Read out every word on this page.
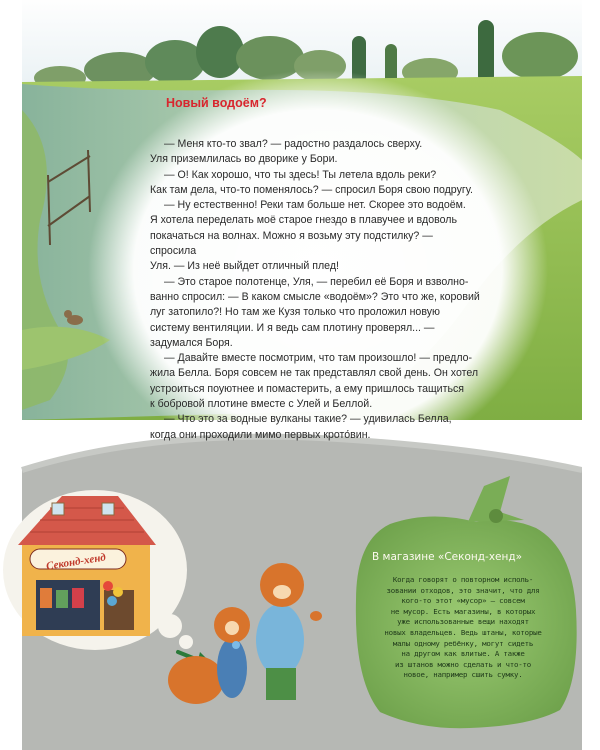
Новый водоём?

— Меня кто-то звал? — радостно раздалось сверху.

Уля приземлилась во дворике у Бори.

— О! Как хорошо, что ты здесь! Ты летела вдоль реки?

Как там дела, что-то поменялось? — спросил Боря свою подругу.

— Ну естественно! Реки там больше нет. Скорее это водоём.

Я хотела переделать моё старое гнездо в плавучее и вдоволь

покачаться на волнах. Можно я возьму эту подстилку? — спросила

Уля. — Из неё выйдет отличный плед!

— Это старое полотенце, Уля, — перебил её Боря и взволно-

ванно спросил: — В каком смысле «водоём»? Это что же, коровий

луг затопило?! Но там же Кузя только что проложил новую

систему вентиляции. И я ведь сам плотину проверял... —

задумался Боря.

— Давайте вместе посмотрим, что там произошло! — предло-

жила Белла. Боря совсем не так представлял свой день. Он хотел

устроиться поуютнее и помастерить, а ему пришлось тащиться

к бобровой плотине вместе с Улей и Беллой.

— Что это за водные вулканы такие? — удивилась Белла,

когда они проходили мимо первых крото́вин.

Секонд-хенд	В магазине «Секонд-хенд»

Когда говорят о повторном исполь-

зовании отходов, это значит, что для

кого-то этот «мусор» — совсем

не мусор. Есть магазины, в которых

уже использованные вещи находят

новых владельцев. Ведь штаны, которые

малы одному ребёнку, могут сидеть

на другом как влитые. А также

из штанов можно сделать и что-то

новое, например сшить сумку.
